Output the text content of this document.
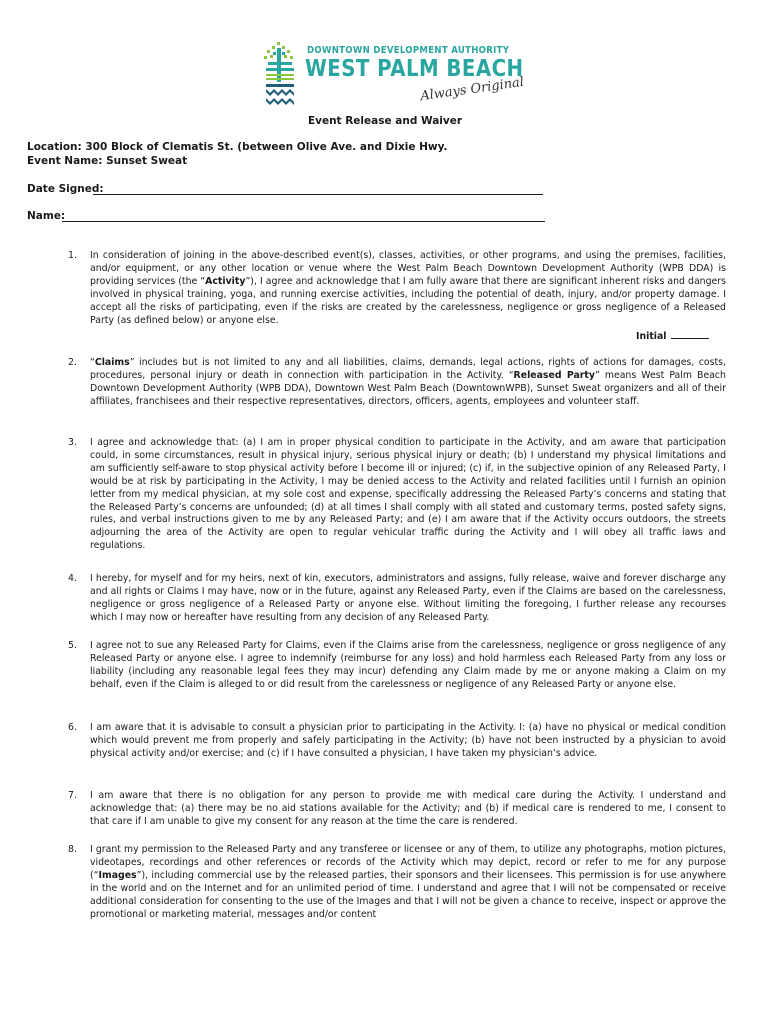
DOWNTOWN DEVELOPMENT AUTHORITY
WEST PALM BEACH
Always Original
Event Release and Waiver
Location: 300 Block of Clematis St. (between Olive Ave. and Dixie Hwy.
Event Name: Sunset Sweat
Date Signed:
Name:
1.	In consideration of joining in the above-described event(s), classes, activities, or other programs, and using the premises, facilities, and/or equipment, or any other location or venue where the West Palm Beach Downtown Development Authority (WPB DDA) is providing services (the “Activity”), I agree and acknowledge that I am fully aware that there are significant inherent risks and dangers involved in physical training, yoga, and running exercise activities, including the potential of death, injury, and/or property damage. I accept all the risks of participating, even if the risks are created by the carelessness, negligence or gross negligence of a Released Party (as defined below) or anyone else.
Initial
2.	“Claims” includes but is not limited to any and all liabilities, claims, demands, legal actions, rights of actions for damages, costs, procedures, personal injury or death in connection with participation in the Activity. “Released Party” means West Palm Beach Downtown Development Authority (WPB DDA), Downtown West Palm Beach (DowntownWPB), Sunset Sweat organizers and all of their affiliates, franchisees and their respective representatives, directors, officers, agents, employees and volunteer staff.
3.	I agree and acknowledge that: (a) I am in proper physical condition to participate in the Activity, and am aware that participation could, in some circumstances, result in physical injury, serious physical injury or death; (b) I understand my physical limitations and am sufficiently self-aware to stop physical activity before I become ill or injured; (c) if, in the subjective opinion of any Released Party, I would be at risk by participating in the Activity, I may be denied access to the Activity and related facilities until I furnish an opinion letter from my medical physician, at my sole cost and expense, specifically addressing the Released Party’s concerns and stating that the Released Party’s concerns are unfounded; (d) at all times I shall comply with all stated and customary terms, posted safety signs, rules, and verbal instructions given to me by any Released Party; and (e) I am aware that if the Activity occurs outdoors, the streets adjourning the area of the Activity are open to regular vehicular traffic during the Activity and I will obey all traffic laws and regulations.
4.	I hereby, for myself and for my heirs, next of kin, executors, administrators and assigns, fully release, waive and forever discharge any and all rights or Claims I may have, now or in the future, against any Released Party, even if the Claims are based on the carelessness, negligence or gross negligence of a Released Party or anyone else. Without limiting the foregoing, I further release any recourses which I may now or hereafter have resulting from any decision of any Released Party.
5.	I agree not to sue any Released Party for Claims, even if the Claims arise from the carelessness, negligence or gross negligence of any Released Party or anyone else. I agree to indemnify (reimburse for any loss) and hold harmless each Released Party from any loss or liability (including any reasonable legal fees they may incur) defending any Claim made by me or anyone making a Claim on my behalf, even if the Claim is alleged to or did result from the carelessness or negligence of any Released Party or anyone else.
6.	I am aware that it is advisable to consult a physician prior to participating in the Activity. I: (a) have no physical or medical condition which would prevent me from properly and safely participating in the Activity; (b) have not been instructed by a physician to avoid physical activity and/or exercise; and (c) if I have consulted a physician, I have taken my physician’s advice.
7.	I am aware that there is no obligation for any person to provide me with medical care during the Activity. I understand and acknowledge that: (a) there may be no aid stations available for the Activity; and (b) if medical care is rendered to me, I consent to that care if I am unable to give my consent for any reason at the time the care is rendered.
8.	I grant my permission to the Released Party and any transferee or licensee or any of them, to utilize any photographs, motion pictures, videotapes, recordings and other references or records of the Activity which may depict, record or refer to me for any purpose (“Images”), including commercial use by the released parties, their sponsors and their licensees. This permission is for use anywhere in the world and on the Internet and for an unlimited period of time. I understand and agree that I will not be compensated or receive additional consideration for consenting to the use of the Images and that I will not be given a chance to receive, inspect or approve the promotional or marketing material, messages and/or content
